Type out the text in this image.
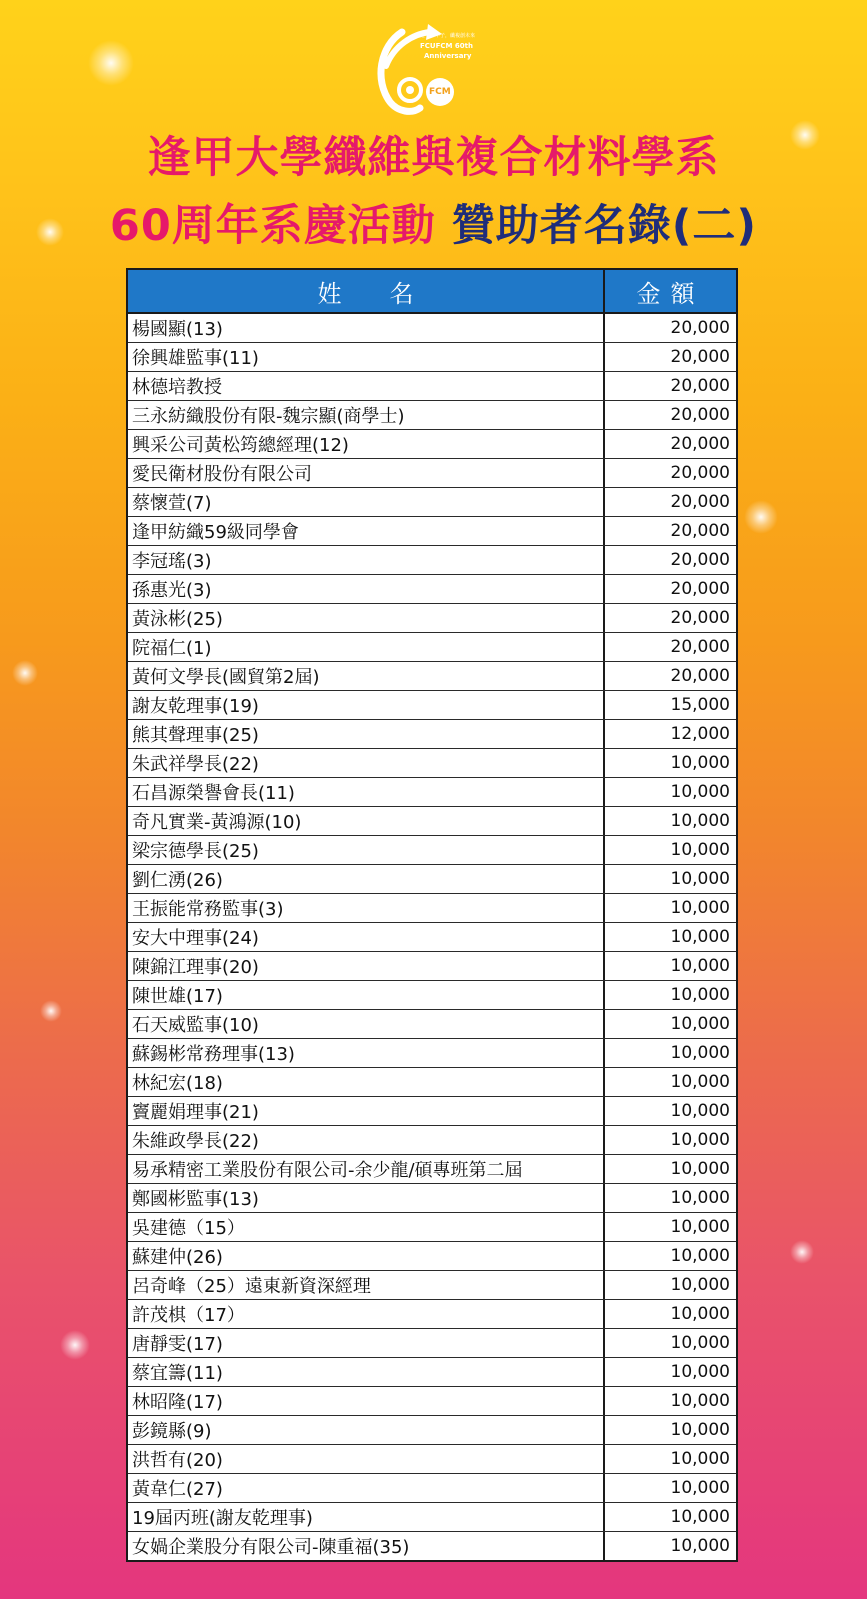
逢甲一甲子，纖複創未來
FCUFCM 60th
Anniversary
FCM
逢甲大學纖維與複合材料學系
60周年系慶活動 贊助者名錄(二)
姓名	金額
楊國顯(13)	20,000
徐興雄監事(11)	20,000
林德培教授	20,000
三永紡織股份有限-魏宗顯(商學士)	20,000
興采公司黃松筠總經理(12)	20,000
愛民衛材股份有限公司	20,000
蔡懷萱(7)	20,000
逢甲紡織59級同學會	20,000
李冠瑤(3)	20,000
孫惠光(3)	20,000
黃泳彬(25)	20,000
院福仁(1)	20,000
黃何文學長(國貿第2屆)	20,000
謝友乾理事(19)	15,000
熊其聲理事(25)	12,000
朱武祥學長(22)	10,000
石昌源榮譽會長(11)	10,000
奇凡實業-黃鴻源(10)	10,000
梁宗德學長(25)	10,000
劉仁湧(26)	10,000
王振能常務監事(3)	10,000
安大中理事(24)	10,000
陳錦江理事(20)	10,000
陳世雄(17)	10,000
石天威監事(10)	10,000
蘇錫彬常務理事(13)	10,000
林紀宏(18)	10,000
竇麗娟理事(21)	10,000
朱維政學長(22)	10,000
易承精密工業股份有限公司-余少龍/碩專班第二屆	10,000
鄭國彬監事(13)	10,000
吳建德（15）	10,000
蘇建仲(26)	10,000
呂奇峰（25）遠東新資深經理	10,000
許茂棋（17）	10,000
唐靜雯(17)	10,000
蔡宜籌(11)	10,000
林昭隆(17)	10,000
彭鏡縣(9)	10,000
洪哲有(20)	10,000
黃韋仁(27)	10,000
19屆丙班(謝友乾理事)	10,000
女媧企業股分有限公司-陳重福(35)	10,000
